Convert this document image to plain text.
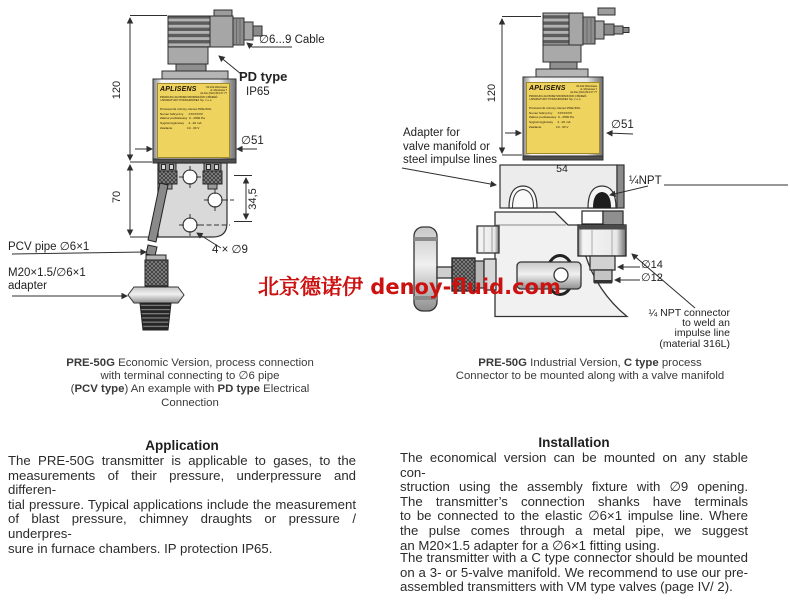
APLISENS	03-192 Warszawa
ul. Morelowa 7
tel./fax (022) 814 07 77
PRODUKCJA PRZETWORNIKÓW CIŚNIEŃ
I APARATURY POMIAROWEJ Sp. z o.o.
Przetwornik różnicy ciśnień PRE-50G
Numer fabryczny      XXXXXXX
Zakres podstawowy  0...2500 Pa
Sygnał wyjściowy     4...20 mA
Zasilanie                 10...30 V
APLISENS	03-192 Warszawa
ul. Morelowa 7
tel./fax (022) 814 07 77
PRODUKCJA PRZETWORNIKÓW CIŚNIEŃ
I APARATURY POMIAROWEJ Sp. z o.o.
Przetwornik różnicy ciśnień PRE-50G
Numer fabryczny      XXXXXXX
Zakres podstawowy  0...2500 Pa
Sygnał wyjściowy     4...20 mA
Zasilanie                 10...30 V
120
70	34,5
120
54
∅6...9 Cable
PD type
IP65
∅51
PCV pipe ∅6×1
M20×1.5/∅6×1
adapter
4 × ∅9
∅51
Adapter for
valve manifold or
steel impulse lines
¼NPT
∅14
∅12
¼ NPT connector
to weld an
impulse line
(material 316L)
PRE-50G Economic Version, process connection
with terminal connecting to ∅6 pipe
(PCV type) An example with PD type Electrical
Connection
PRE-50G Industrial Version, C type process
Connector to be mounted along with a valve manifold
Application
The PRE-50G transmitter is applicable to gases, to the
measurements of their pressure, underpressure and differen-
tial pressure. Typical applications include the measurement
of blast pressure, chimney draughts or pressure / underpres-
sure in furnace chambers. IP protection IP65.
Installation
The economical version can be mounted on any stable con-
struction using the assembly fixture with ∅9 opening.
The transmitter’s connection shanks have terminals
to be connected to the elastic ∅6×1 impulse line. Where
the pulse comes through a metal pipe, we suggest
an M20×1.5 adapter for a ∅6×1 fitting using.
The transmitter with a C type connector should be mounted
on a 3- or 5-valve manifold. We recommend to use our pre-
assembled transmitters with VM type valves (page IV/ 2).
北京德诺伊 denoy-fluid.com
